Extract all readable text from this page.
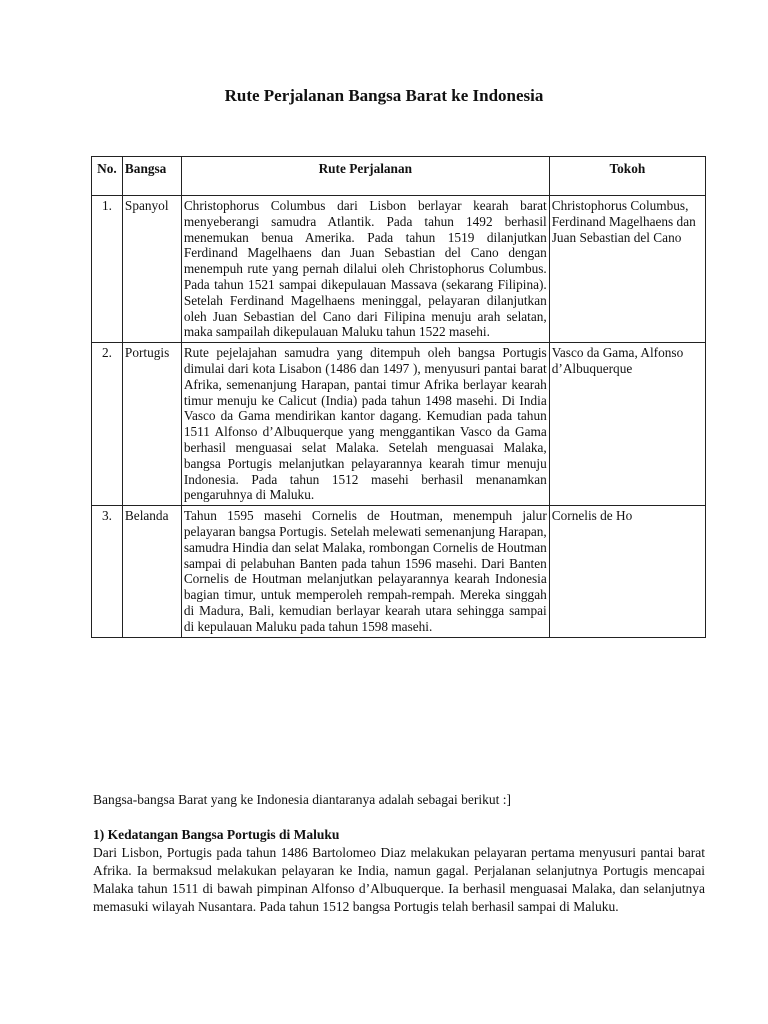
Rute Perjalanan Bangsa Barat ke Indonesia
No.	Bangsa	Rute Perjalanan	Tokoh
1.	Spanyol	Christophorus Columbus dari Lisbon berlayar kearah barat menyeberangi samudra Atlantik. Pada tahun 1492 berhasil menemukan benua Amerika. Pada tahun 1519 dilanjutkan Ferdinand Magelhaens dan Juan Sebastian del Cano dengan menempuh rute yang pernah dilalui oleh Christophorus Columbus. Pada tahun 1521 sampai dikepulauan Massava (sekarang Filipina). Setelah Ferdinand Magelhaens meninggal, pelayaran dilanjutkan oleh Juan Sebastian del Cano dari Filipina menuju arah selatan, maka sampailah dikepulauan Maluku tahun 1522 masehi.	Christophorus Columbus, Ferdinand Magelhaens dan Juan Sebastian del Cano
2.	Portugis	Rute pejelajahan samudra yang ditempuh oleh bangsa Portugis dimulai dari kota Lisabon (1486 dan 1497 ), menyusuri pantai barat Afrika, semenanjung Harapan, pantai timur Afrika berlayar kearah timur menuju ke Calicut (India) pada tahun 1498 masehi. Di India Vasco da Gama mendirikan kantor dagang. Kemudian pada tahun 1511 Alfonso d’Albuquerque yang menggantikan Vasco da Gama berhasil menguasai selat Malaka. Setelah menguasai Malaka, bangsa Portugis melanjutkan pelayarannya kearah timur menuju Indonesia. Pada tahun 1512 masehi berhasil menanamkan pengaruhnya di Maluku.	Vasco da Gama, Alfonso d’Albuquerque
3.	Belanda	Tahun 1595 masehi Cornelis de Houtman, menempuh jalur pelayaran bangsa Portugis. Setelah melewati semenanjung Harapan, samudra Hindia dan selat Malaka, rombongan Cornelis de Houtman sampai di pelabuhan Banten pada tahun 1596 masehi. Dari Banten Cornelis de Houtman melanjutkan pelayarannya kearah Indonesia bagian timur, untuk memperoleh rempah-rempah. Mereka singgah di Madura, Bali, kemudian berlayar kearah utara sehingga sampai di kepulauan Maluku pada tahun 1598 masehi.	Cornelis de Ho
Bangsa-bangsa Barat yang ke Indonesia diantaranya adalah sebagai berikut :]
1) Kedatangan Bangsa Portugis di Maluku
Dari Lisbon, Portugis pada tahun 1486 Bartolomeo Diaz melakukan pelayaran pertama menyusuri pantai barat Afrika. Ia bermaksud melakukan pelayaran ke India, namun gagal. Perjalanan selanjutnya Portugis mencapai Malaka tahun 1511 di bawah pimpinan Alfonso d’Albuquerque. Ia berhasil menguasai Malaka, dan selanjutnya memasuki wilayah Nusantara. Pada tahun 1512 bangsa Portugis telah berhasil sampai di Maluku.
